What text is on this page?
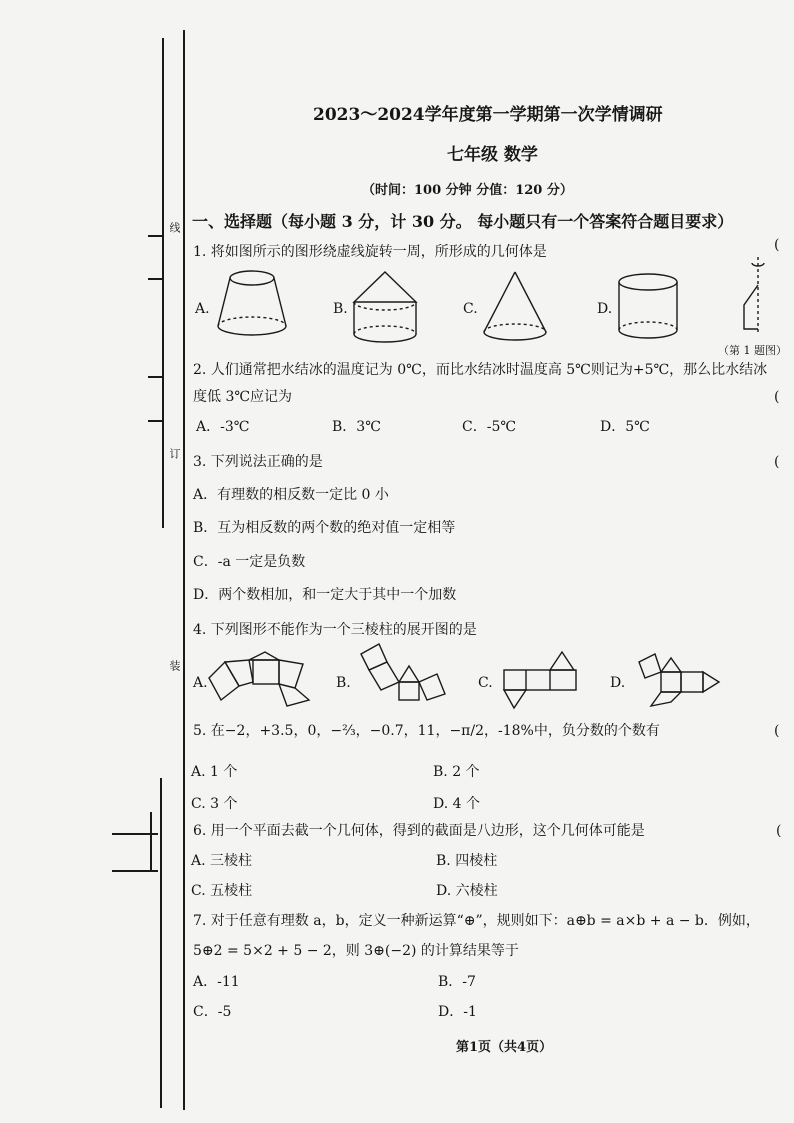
线
订
装
2023～2024学年度第一学期第一次学情调研
七年级 数学
（时间：100 分钟 分值：120 分）
一、选择题（每小题 3 分，计 30 分。 每小题只有一个答案符合题目要求）
1. 将如图所示的图形绕虚线旋转一周，所形成的几何体是
A.	B.	C.	D.
（第 1 题图）
2. 人们通常把水结冰的温度记为 0℃，而比水结冰时温度高 5℃则记为+5℃，那么比水结冰
度低 3℃应记为
A．-3℃	B．3℃	C．-5℃	D．5℃
3. 下列说法正确的是
A．有理数的相反数一定比 0 小
B．互为相反数的两个数的绝对值一定相等
C．-a 一定是负数
D．两个数相加，和一定大于其中一个加数
4. 下列图形不能作为一个三棱柱的展开图的是
A.	B.	C.	D.
5. 在−2，+3.5，0，−⅔，−0.7，11，−π/2，-18%中，负分数的个数有
A. 1 个	B. 2 个
C. 3 个	D. 4 个
6. 用一个平面去截一个几何体，得到的截面是八边形，这个几何体可能是
A. 三棱柱	B. 四棱柱
C. 五棱柱	D. 六棱柱
7. 对于任意有理数 a，b，定义一种新运算“⊕”，规则如下：a⊕b = a×b + a − b．例如，
5⊕2 = 5×2 + 5 − 2，则 3⊕(−2) 的计算结果等于
A．-11	B．-7
C．-5	D．-1
(
(
(
(
(
第1页（共4页）
